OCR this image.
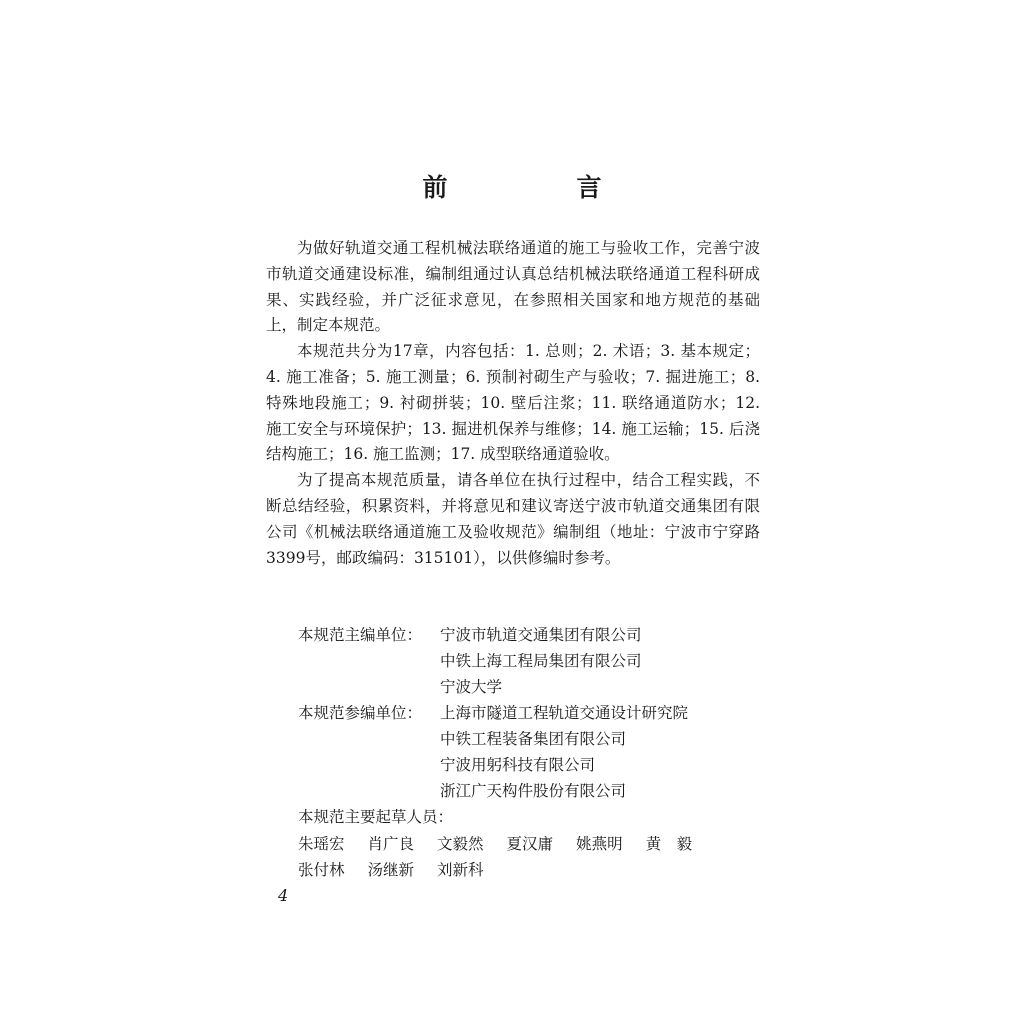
前　言

为做好轨道交通工程机械法联络通道的施工与验收工作，完善宁波市轨道交通建设标准，编制组通过认真总结机械法联络通道工程科研成果、实践经验，并广泛征求意见，在参照相关国家和地方规范的基础上，制定本规范。

本规范共分为17章，内容包括：1. 总则；2. 术语；3. 基本规定；4. 施工准备；5. 施工测量；6. 预制衬砌生产与验收；7. 掘进施工；8. 特殊地段施工；9. 衬砌拼装；10. 壁后注浆；11. 联络通道防水；12. 施工安全与环境保护；13. 掘进机保养与维修；14. 施工运输；15. 后浇结构施工；16. 施工监测；17. 成型联络通道验收。

为了提高本规范质量，请各单位在执行过程中，结合工程实践，不断总结经验，积累资料，并将意见和建议寄送宁波市轨道交通集团有限公司《机械法联络通道施工及验收规范》编制组（地址：宁波市宁穿路3399号，邮政编码：315101），以供修编时参考。

本规范主编单位：	宁波市轨道交通集团有限公司
中铁上海工程局集团有限公司
宁波大学
本规范参编单位：	上海市隧道工程轨道交通设计研究院
中铁工程装备集团有限公司
宁波用躬科技有限公司
浙江广天构件股份有限公司
本规范主要起草人员：
朱瑶宏 肖广良 文毅然 夏汉庸 姚燕明 黄　毅
张付林 汤继新 刘新科
4
